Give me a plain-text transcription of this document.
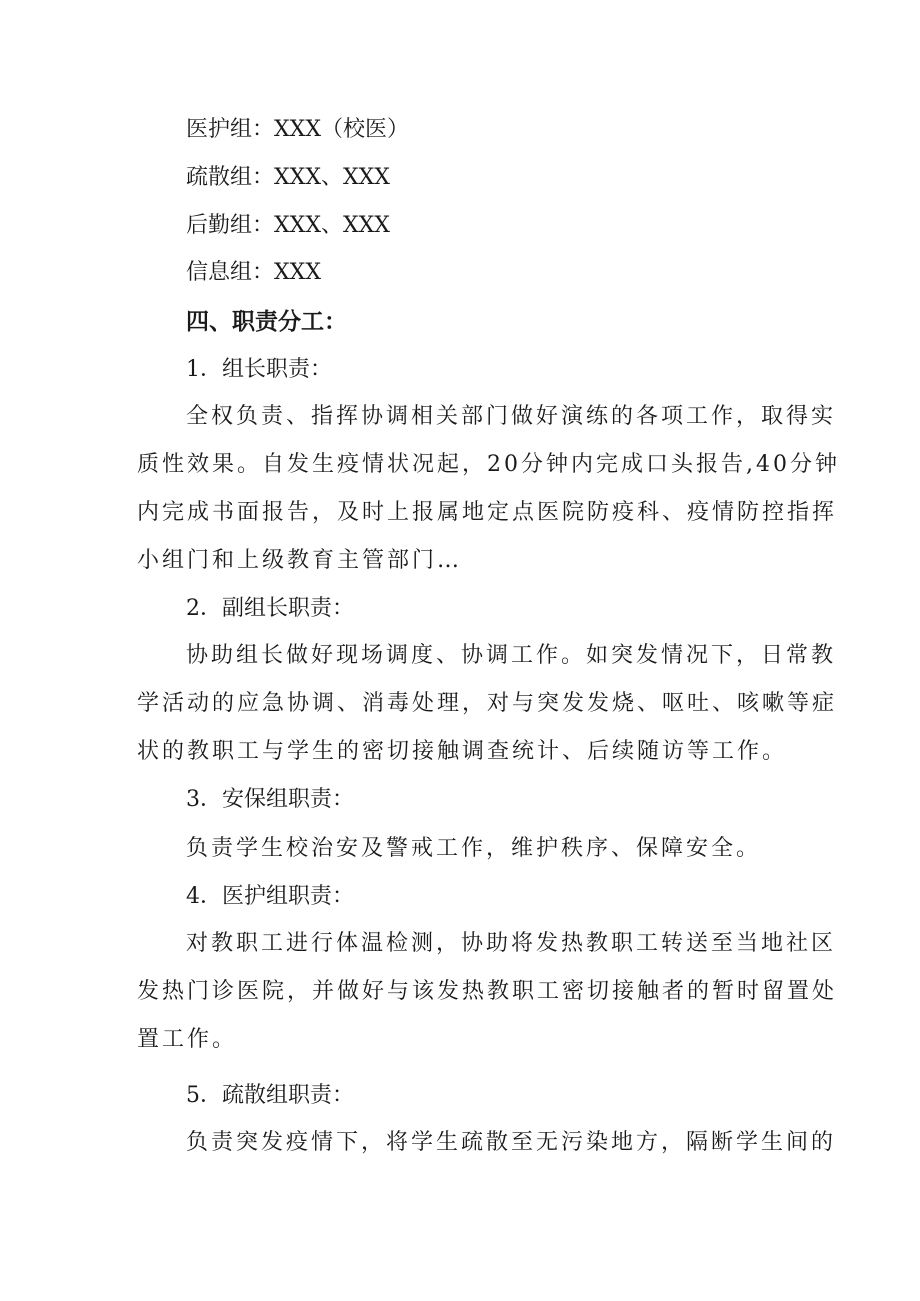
医护组：XXX（校医）
疏散组：XXX、XXX
后勤组：XXX、XXX
信息组：XXX
四、职责分工：
1．组长职责：
全权负责、指挥协调相关部门做好演练的各项工作，取得实
质性效果。自发生疫情状况起，20分钟内完成口头报告,40分钟
内完成书面报告，及时上报属地定点医院防疫科、疫情防控指挥
小组门和上级教育主管部门…
2．副组长职责：
协助组长做好现场调度、协调工作。如突发情况下，日常教
学活动的应急协调、消毒处理，对与突发发烧、呕吐、咳嗽等症
状的教职工与学生的密切接触调查统计、后续随访等工作。
3．安保组职责：
负责学生校治安及警戒工作，维护秩序、保障安全。
4．医护组职责：
对教职工进行体温检测，协助将发热教职工转送至当地社区
发热门诊医院，并做好与该发热教职工密切接触者的暂时留置处
置工作。
5．疏散组职责：
负责突发疫情下，将学生疏散至无污染地方，隔断学生间的
